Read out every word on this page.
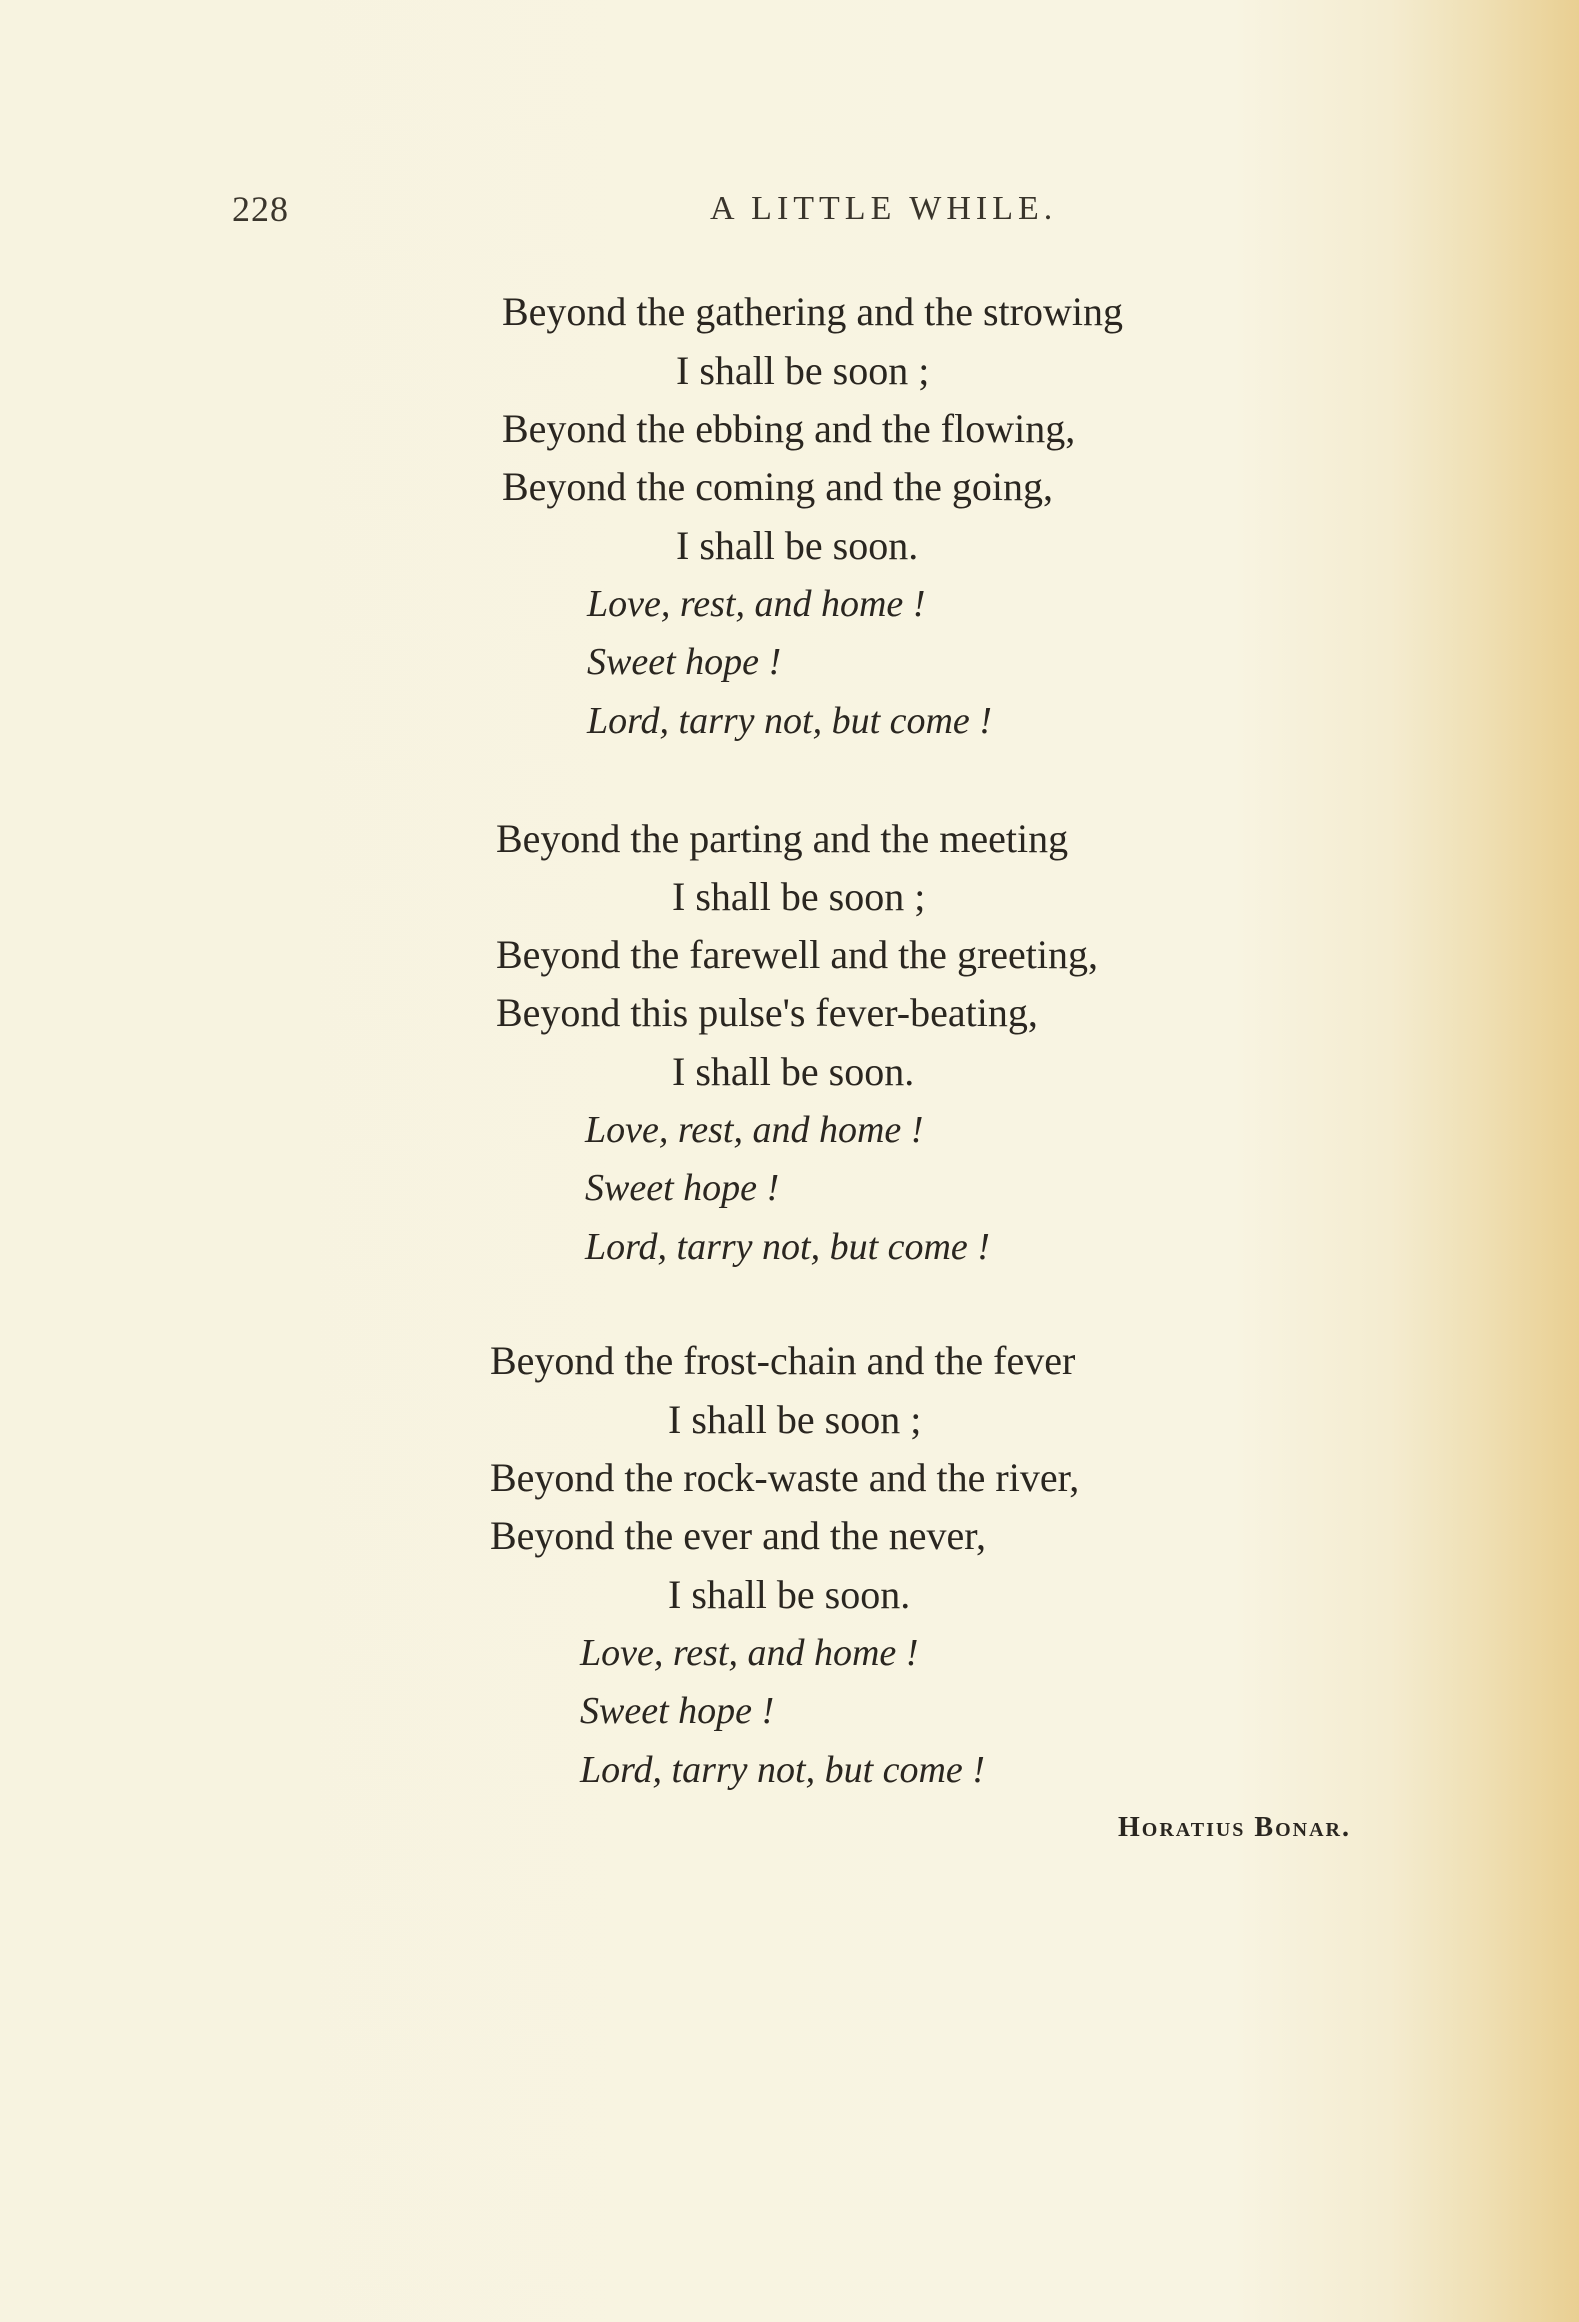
228	A LITTLE WHILE.
Beyond the gathering and the strowing
I shall be soon ;
Beyond the ebbing and the flowing,
Beyond the coming and the going,
I shall be soon.
Love, rest, and home !
Sweet hope !
Lord, tarry not, but come !
Beyond the parting and the meeting
I shall be soon ;
Beyond the farewell and the greeting,
Beyond this pulse's fever-beating,
I shall be soon.
Love, rest, and home !
Sweet hope !
Lord, tarry not, but come !
Beyond the frost-chain and the fever
I shall be soon ;
Beyond the rock-waste and the river,
Beyond the ever and the never,
I shall be soon.
Love, rest, and home !
Sweet hope !
Lord, tarry not, but come !
Horatius Bonar.
